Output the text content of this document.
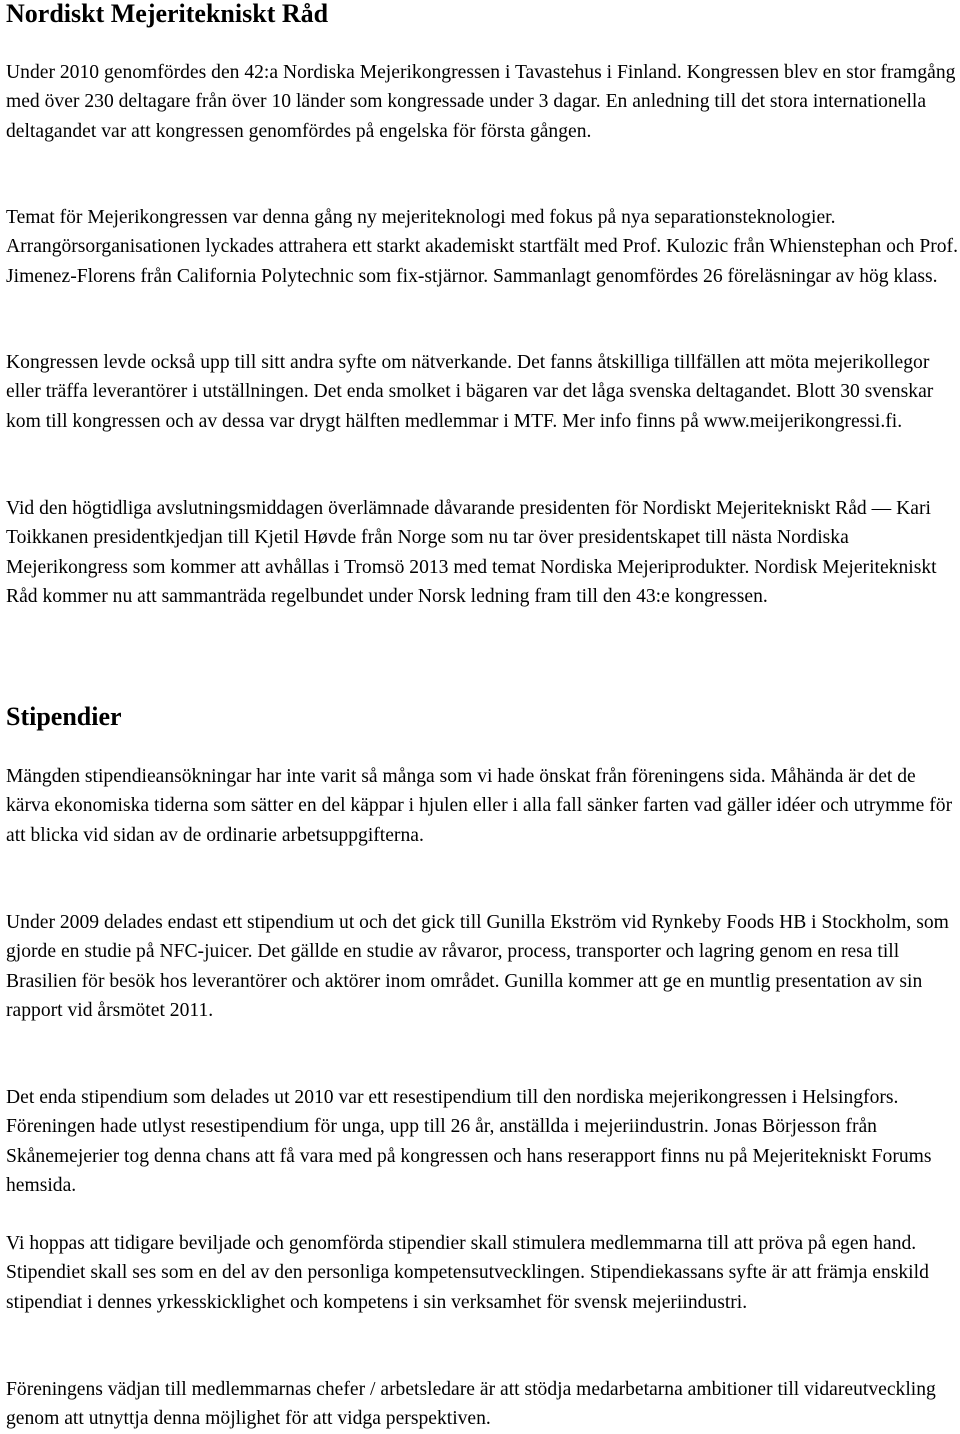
Nordiskt Mejeritekniskt Råd

Under 2010 genomfördes den 42:a Nordiska Mejerikongressen i Tavastehus i Finland. Kongressen blev en stor framgång med över 230 deltagare från över 10 länder som kongressade under 3 dagar. En anledning till det stora internationella deltagandet var att kongressen genomfördes på engelska för första gången.

Temat för Mejerikongressen var denna gång ny mejeriteknologi med fokus på nya separationsteknologier. Arrangörsorganisationen lyckades attrahera ett starkt akademiskt startfält med Prof. Kulozic från Whienstephan och Prof. Jimenez-Florens från California Polytechnic som fix-stjärnor. Sammanlagt genomfördes 26 föreläsningar av hög klass.

Kongressen levde också upp till sitt andra syfte om nätverkande. Det fanns åtskilliga tillfällen att möta mejerikollegor eller träffa leverantörer i utställningen. Det enda smolket i bägaren var det låga svenska deltagandet. Blott 30 svenskar kom till kongressen och av dessa var drygt hälften medlemmar i MTF. Mer info finns på www.meijerikongressi.fi.

Vid den högtidliga avslutningsmiddagen överlämnade dåvarande presidenten för Nordiskt Mejeritekniskt Råd ― Kari Toikkanen presidentkjedjan till Kjetil Høvde från Norge som nu tar över presidentskapet till nästa Nordiska Mejerikongress som kommer att avhållas i Tromsö 2013 med temat Nordiska Mejeriprodukter. Nordisk Mejeritekniskt Råd kommer nu att sammanträda regelbundet under Norsk ledning fram till den 43:e kongressen.

Stipendier

Mängden stipendieansökningar har inte varit så många som vi hade önskat från föreningens sida. Måhända är det de kärva ekonomiska tiderna som sätter en del käppar i hjulen eller i alla fall sänker farten vad gäller idéer och utrymme för att blicka vid sidan av de ordinarie arbetsuppgifterna.

Under 2009 delades endast ett stipendium ut och det gick till Gunilla Ekström vid Rynkeby Foods HB i Stockholm, som gjorde en studie på NFC-juicer. Det gällde en studie av råvaror, process, transporter och lagring genom en resa till Brasilien för besök hos leverantörer och aktörer inom området. Gunilla kommer att ge en muntlig presentation av sin rapport vid årsmötet 2011.

Det enda stipendium som delades ut 2010 var ett resestipendium till den nordiska mejerikongressen i Helsingfors. Föreningen hade utlyst resestipendium för unga, upp till 26 år, anställda i mejeriindustrin. Jonas Börjesson från Skånemejerier tog denna chans att få vara med på kongressen och hans reserapport finns nu på Mejeritekniskt Forums hemsida.

Vi hoppas att tidigare beviljade och genomförda stipendier skall stimulera medlemmarna till att pröva på egen hand. Stipendiet skall ses som en del av den personliga kompetensutvecklingen. Stipendiekassans syfte är att främja enskild stipendiat i dennes yrkesskicklighet och kompetens i sin verksamhet för svensk mejeriindustri.

Föreningens vädjan till medlemmarnas chefer / arbetsledare är att stödja medarbetarna ambitioner till vidareutveckling genom att utnyttja denna möjlighet för att vidga perspektiven.
